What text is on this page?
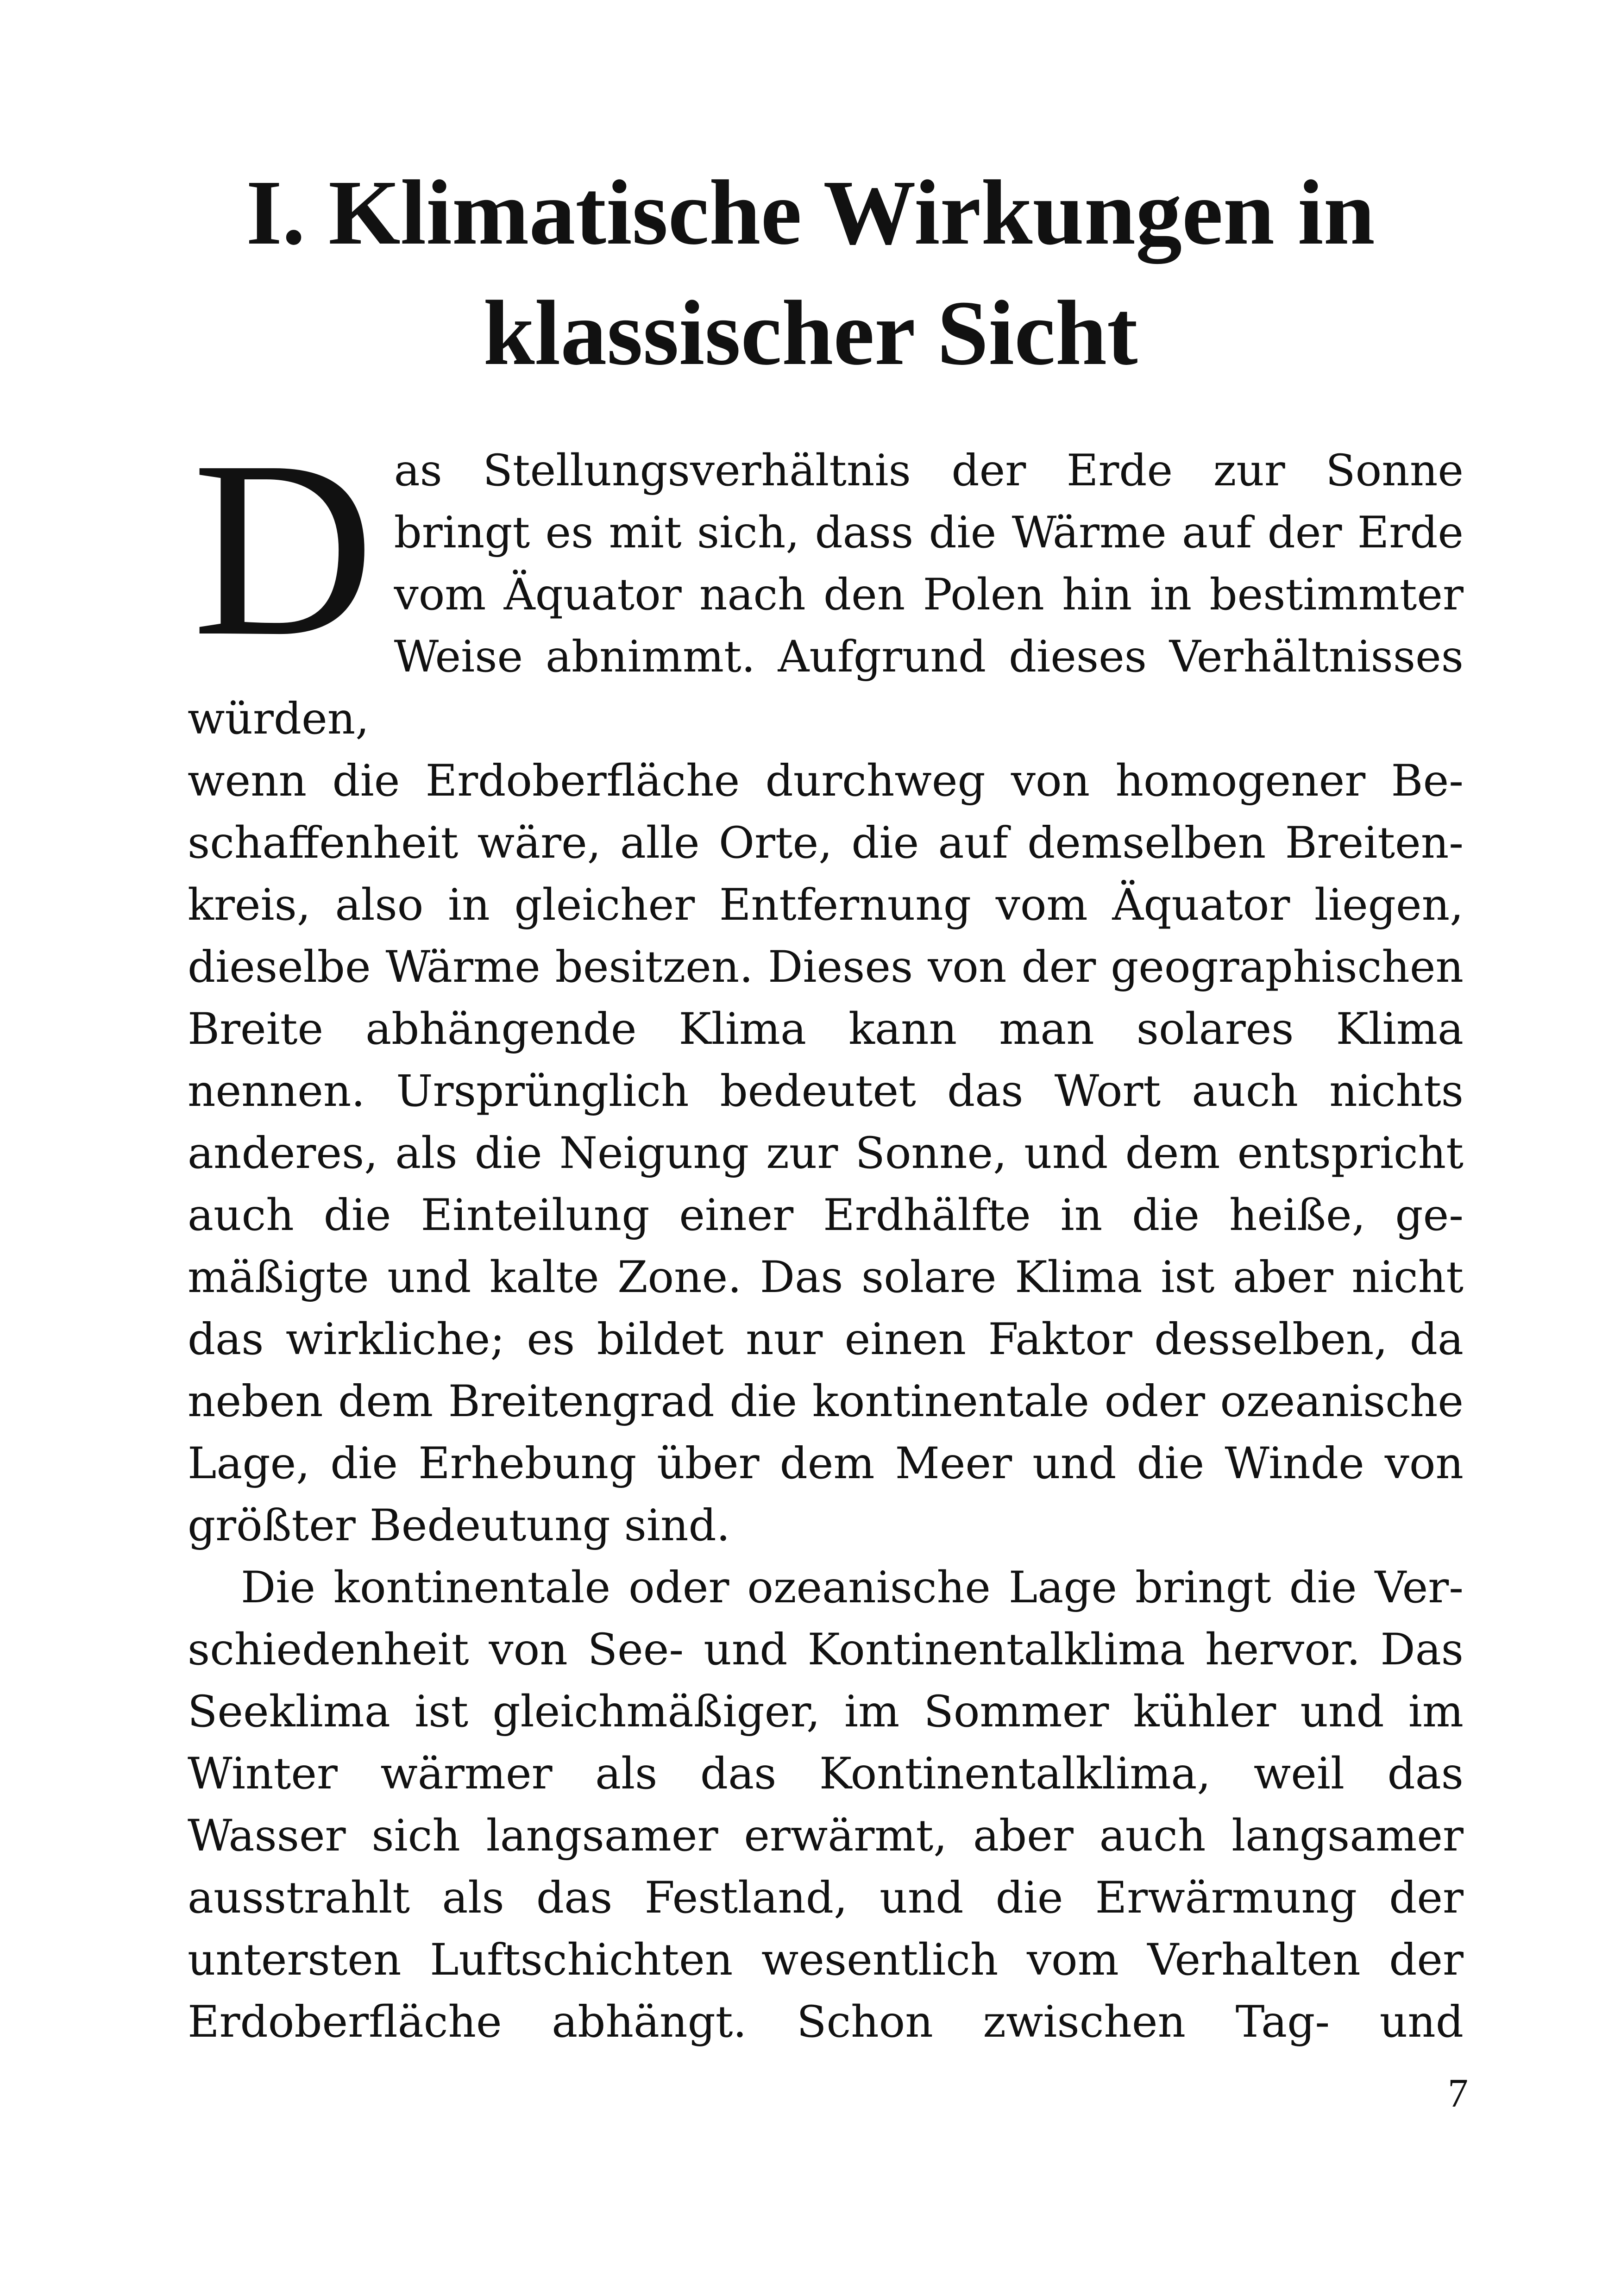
I. Klimatische Wirkungen in
klassischer Sicht

D as Stellungsverhältnis der Erde zur Sonne
bringt es mit sich, dass die Wärme auf der Erde
vom Äquator nach den Polen hin in bestimmter
Weise abnimmt. Aufgrund dieses Verhältnisses würden,
wenn die Erdoberfläche durchweg von homogener Be-
schaffenheit wäre, alle Orte, die auf demselben Breiten-
kreis, also in gleicher Entfernung vom Äquator liegen,
dieselbe Wärme besitzen. Dieses von der geographischen
Breite abhängende Klima kann man solares Klima
nennen. Ursprünglich bedeutet das Wort auch nichts
anderes, als die Neigung zur Sonne, und dem entspricht
auch die Einteilung einer Erdhälfte in die heiße, ge-
mäßigte und kalte Zone. Das solare Klima ist aber nicht
das wirkliche; es bildet nur einen Faktor desselben, da
neben dem Breitengrad die kontinentale oder ozeanische
Lage, die Erhebung über dem Meer und die Winde von
größter Bedeutung sind.

Die kontinentale oder ozeanische Lage bringt die Ver-
schiedenheit von See- und Kontinentalklima hervor. Das
Seeklima ist gleichmäßiger, im Sommer kühler und im
Winter wärmer als das Kontinentalklima, weil das
Wasser sich langsamer erwärmt, aber auch langsamer
ausstrahlt als das Festland, und die Erwärmung der
untersten Luftschichten wesentlich vom Verhalten der
Erdoberfläche abhängt. Schon zwischen Tag- und

7
